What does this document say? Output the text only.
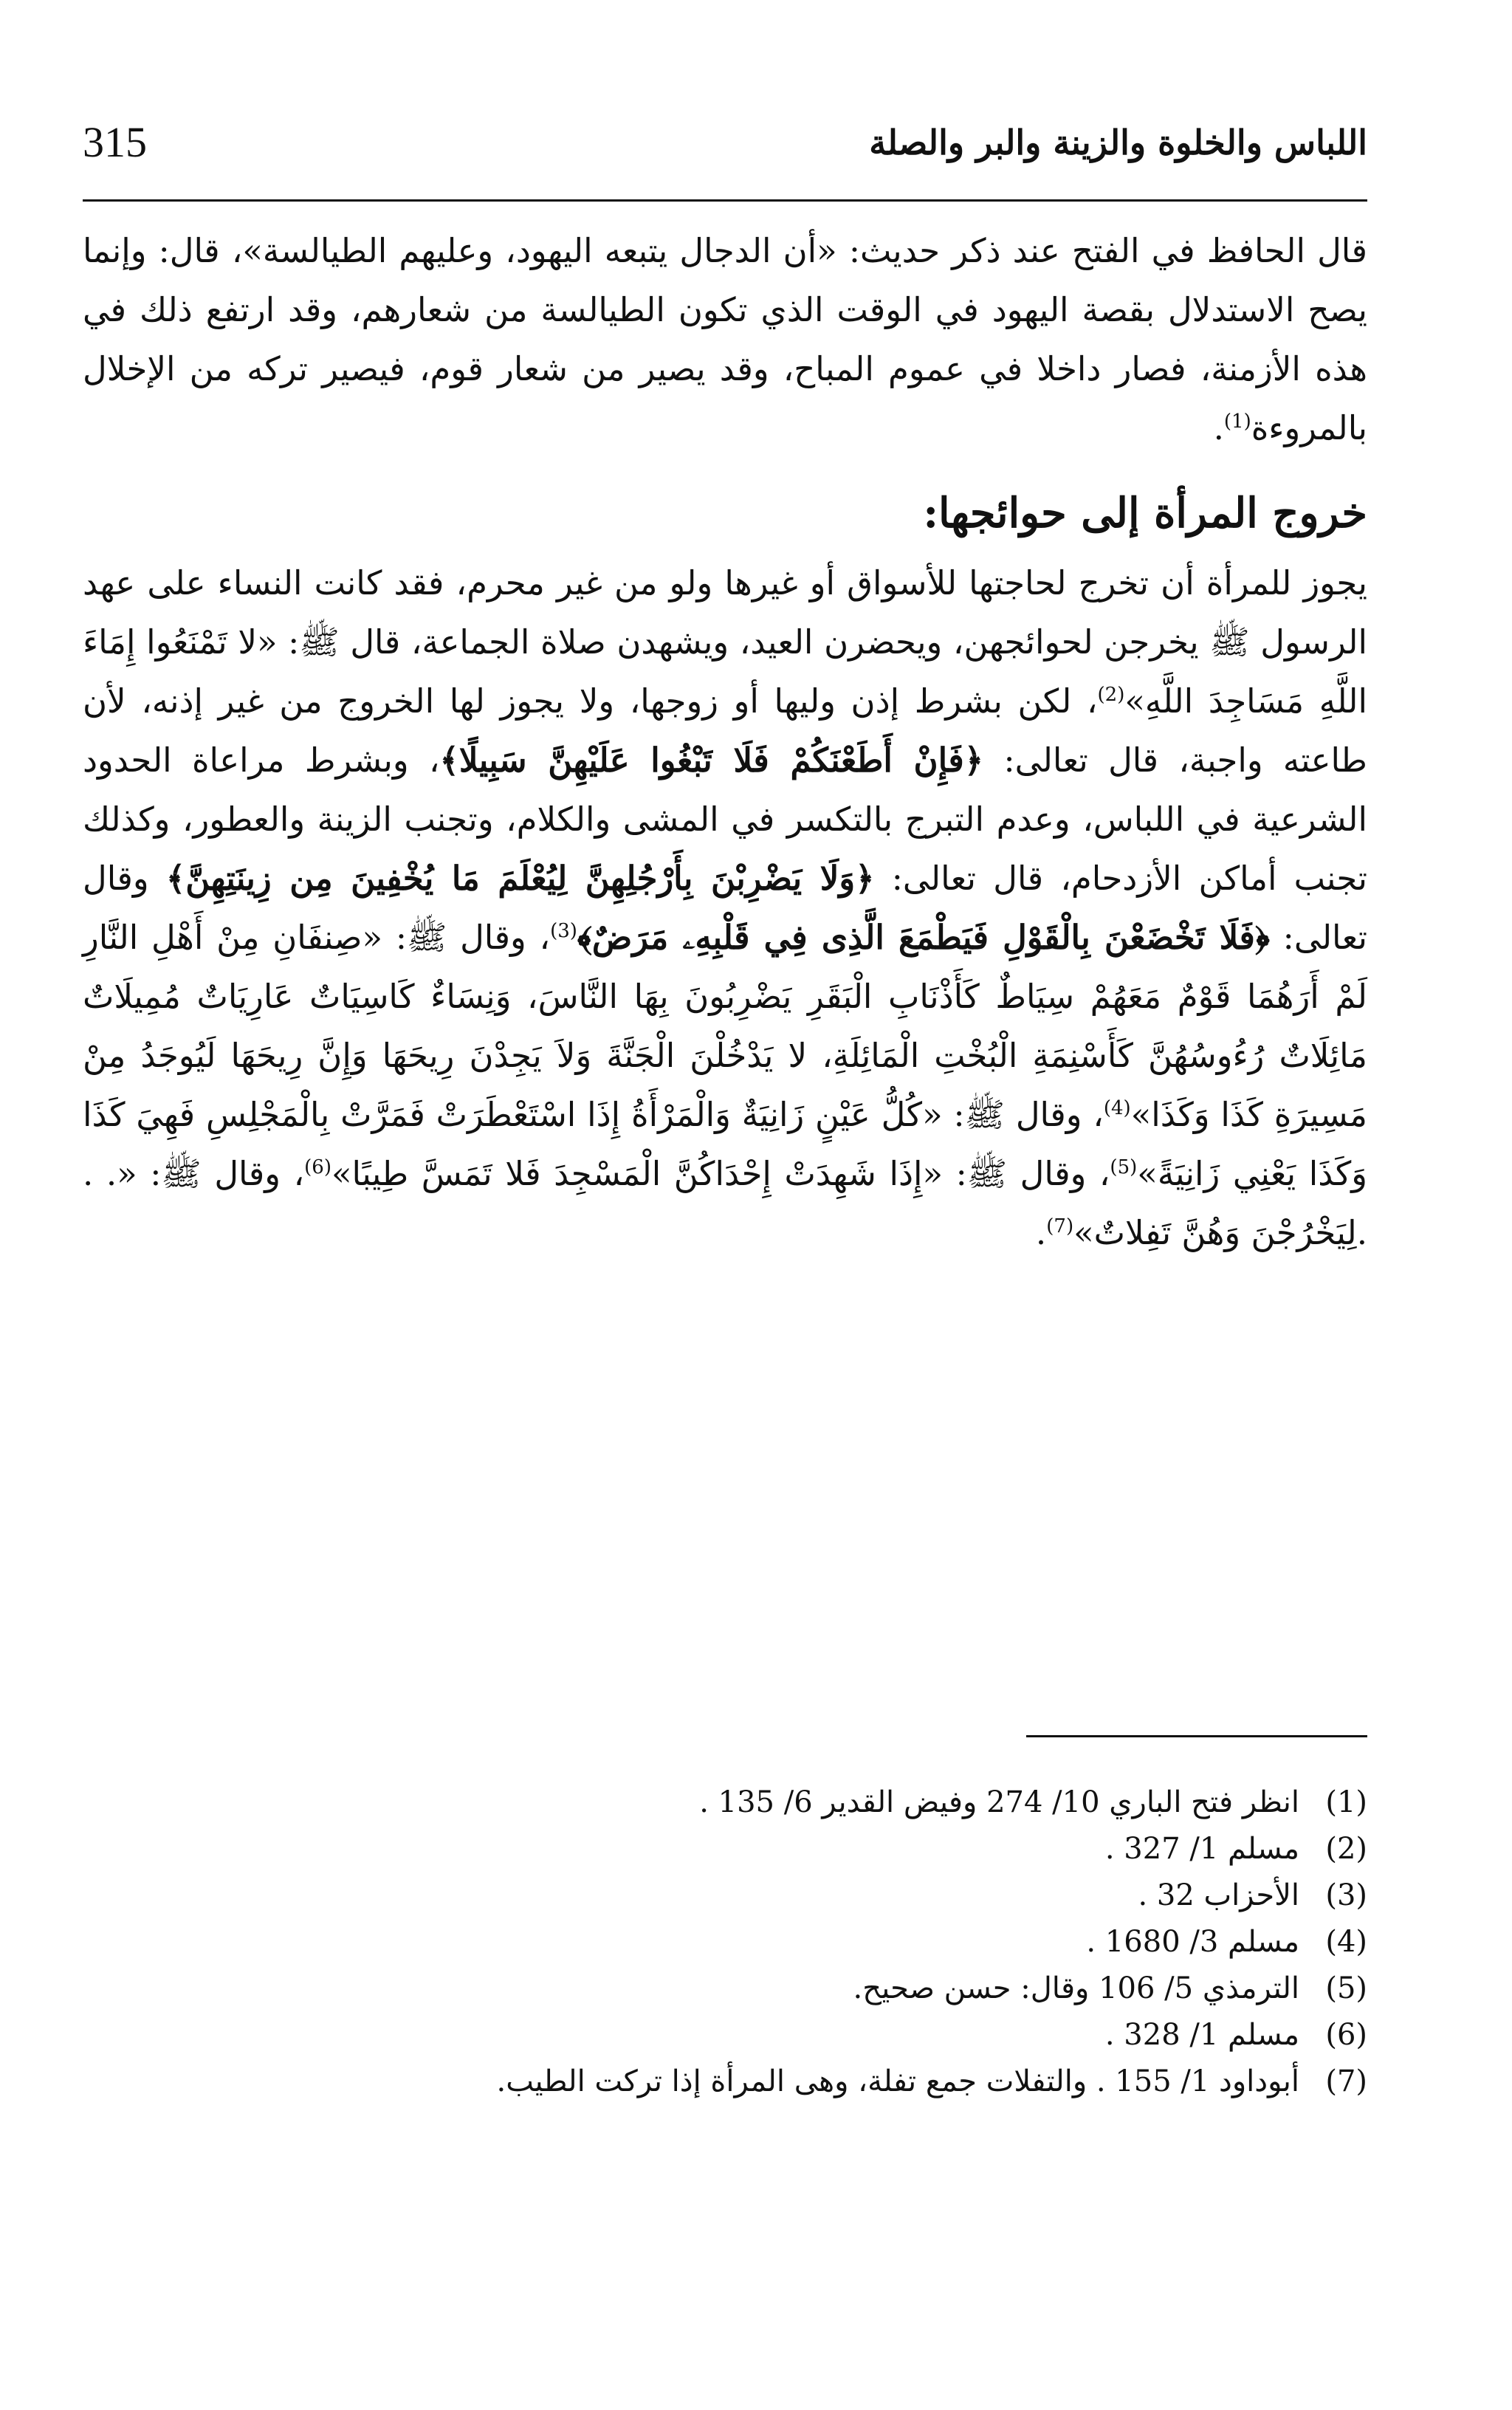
315	اللباس والخلوة والزينة والبر والصلة

قال الحافظ في الفتح عند ذكر حديث: «أن الدجال يتبعه اليهود، وعليهم الطيالسة»، قال: وإنما يصح الاستدلال بقصة اليهود في الوقت الذي تكون الطيالسة من شعارهم، وقد ارتفع ذلك في هذه الأزمنة، فصار داخلا في عموم المباح، وقد يصير من شعار قوم، فيصير تركه من الإخلال بالمروءة$^{(1)}$.

خروج المرأة إلى حوائجها:

يجوز للمرأة أن تخرج لحاجتها للأسواق أو غيرها ولو من غير محرم، فقد كانت النساء على عهد الرسول ﷺ يخرجن لحوائجهن، ويحضرن العيد، ويشهدن صلاة الجماعة، قال ﷺ: «لا تَمْنَعُوا إِمَاءَ اللَّهِ مَسَاجِدَ اللَّهِ»$^{(2)}$، لكن بشرط إذن وليها أو زوجها، ولا يجوز لها الخروج من غير إذنه، لأن طاعته واجبة، قال تعالى: ﴿فَإِنْ أَطَعْنَكُمْ فَلَا تَبْغُوا عَلَيْهِنَّ سَبِيلًا﴾، وبشرط مراعاة الحدود الشرعية في اللباس، وعدم التبرج بالتكسر في المشى والكلام، وتجنب الزينة والعطور، وكذلك تجنب أماكن الأزدحام، قال تعالى: ﴿وَلَا يَضْرِبْنَ بِأَرْجُلِهِنَّ لِيُعْلَمَ مَا يُخْفِينَ مِن زِينَتِهِنَّ﴾ وقال تعالى: ﴿فَلَا تَخْضَعْنَ بِالْقَوْلِ فَيَطْمَعَ الَّذِى فِي قَلْبِهِۦ مَرَضٌ﴾$^{(3)}$، وقال ﷺ: «صِنفَانِ مِنْ أَهْلِ النَّارِ لَمْ أَرَهُمَا قَوْمٌ مَعَهُمْ سِيَاطٌ كَأَذْنَابِ الْبَقَرِ يَضْرِبُونَ بِهَا النَّاسَ، وَنِسَاءٌ كَاسِيَاتٌ عَارِيَاتٌ مُمِيلَاتٌ مَائِلَاتٌ رُءُوسُهُنَّ كَأَسْنِمَةِ الْبُخْتِ الْمَائِلَةِ، لا يَدْخُلْنَ الْجَنَّةَ وَلاَ يَجِدْنَ رِيحَهَا وَإِنَّ رِيحَهَا لَيُوجَدُ مِنْ مَسِيرَةِ كَذَا وَكَذَا»$^{(4)}$، وقال ﷺ: «كُلُّ عَيْنٍ زَانِيَةٌ وَالْمَرْأَةُ إِذَا اسْتَعْطَرَتْ فَمَرَّتْ بِالْمَجْلِسِ فَهِيَ كَذَا وَكَذَا يَعْنِي زَانِيَةً»$^{(5)}$، وقال ﷺ: «إِذَا شَهِدَتْ إِحْدَاكُنَّ الْمَسْجِدَ فَلا تَمَسَّ طِيبًا»$^{(6)}$، وقال ﷺ: «. . .لِيَخْرُجْنَ وَهُنَّ تَفِلاتٌ»$^{(7)}$.

(1)انظر فتح الباري 10/ 274 وفيض القدير 6/ 135 .
(2)مسلم 1/ 327 .
(3)الأحزاب 32 .
(4)مسلم 3/ 1680 .
(5)الترمذي 5/ 106 وقال: حسن صحيح.
(6)مسلم 1/ 328 .
(7)أبوداود 1/ 155 . والتفلات جمع تفلة، وهى المرأة إذا تركت الطيب.
